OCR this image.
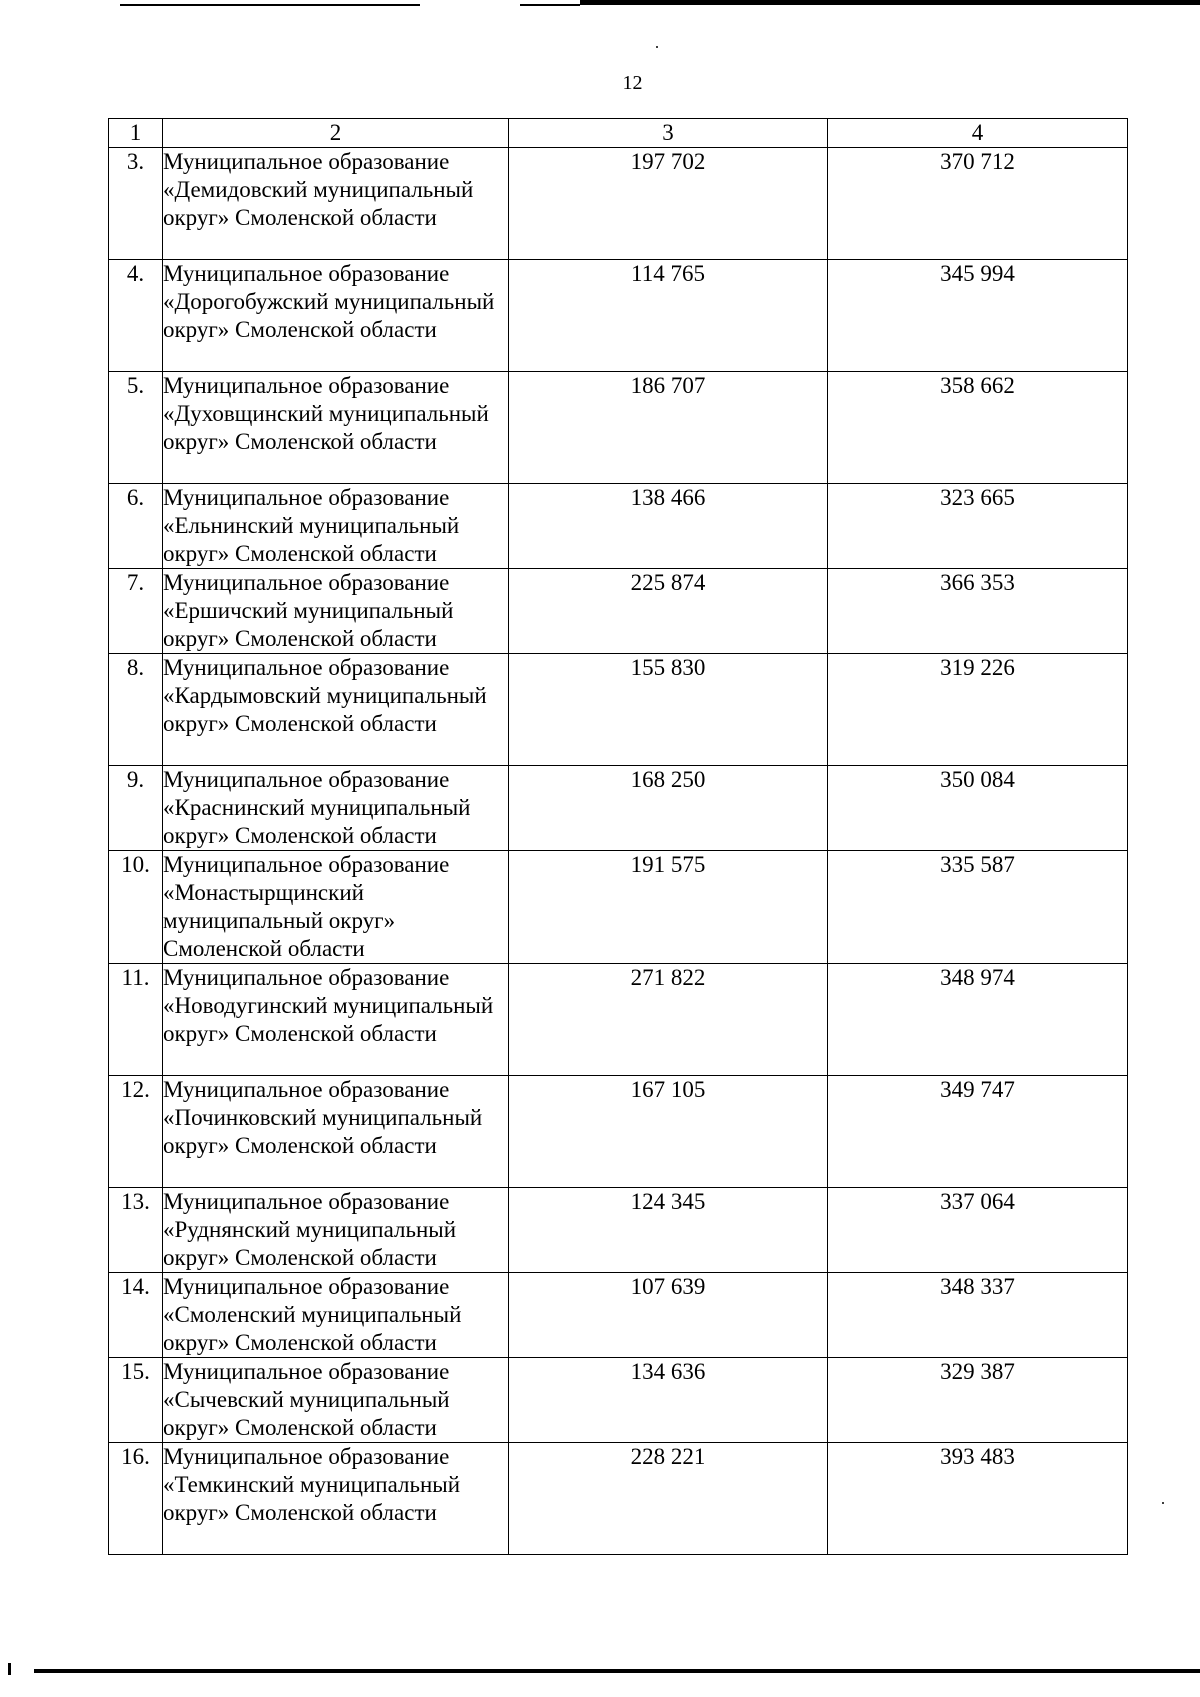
12
1	2	3	4
3.	Муниципальное образование «Демидовский муниципальный округ» Смоленской области	197 702	370 712
4.	Муниципальное образование «Дорогобужский муниципальный округ» Смоленской области	114 765	345 994
5.	Муниципальное образование «Духовщинский муниципальный округ» Смоленской области	186 707	358 662
6.	Муниципальное образование «Ельнинский муниципальный округ» Смоленской области	138 466	323 665
7.	Муниципальное образование «Ершичский муниципальный округ» Смоленской области	225 874	366 353
8.	Муниципальное образование «Кардымовский муниципальный округ» Смоленской области	155 830	319 226
9.	Муниципальное образование «Краснинский муниципальный округ» Смоленской области	168 250	350 084
10.	Муниципальное образование «Монастырщинский муниципальный округ» Смоленской области	191 575	335 587
11.	Муниципальное образование «Новодугинский муниципальный округ» Смоленской области	271 822	348 974
12.	Муниципальное образование «Починковский муниципальный округ» Смоленской области	167 105	349 747
13.	Муниципальное образование «Руднянский муниципальный округ» Смоленской области	124 345	337 064
14.	Муниципальное образование «Смоленский муниципальный округ» Смоленской области	107 639	348 337
15.	Муниципальное образование «Сычевский муниципальный округ» Смоленской области	134 636	329 387
16.	Муниципальное образование «Темкинский муниципальный округ» Смоленской области	228 221	393 483
